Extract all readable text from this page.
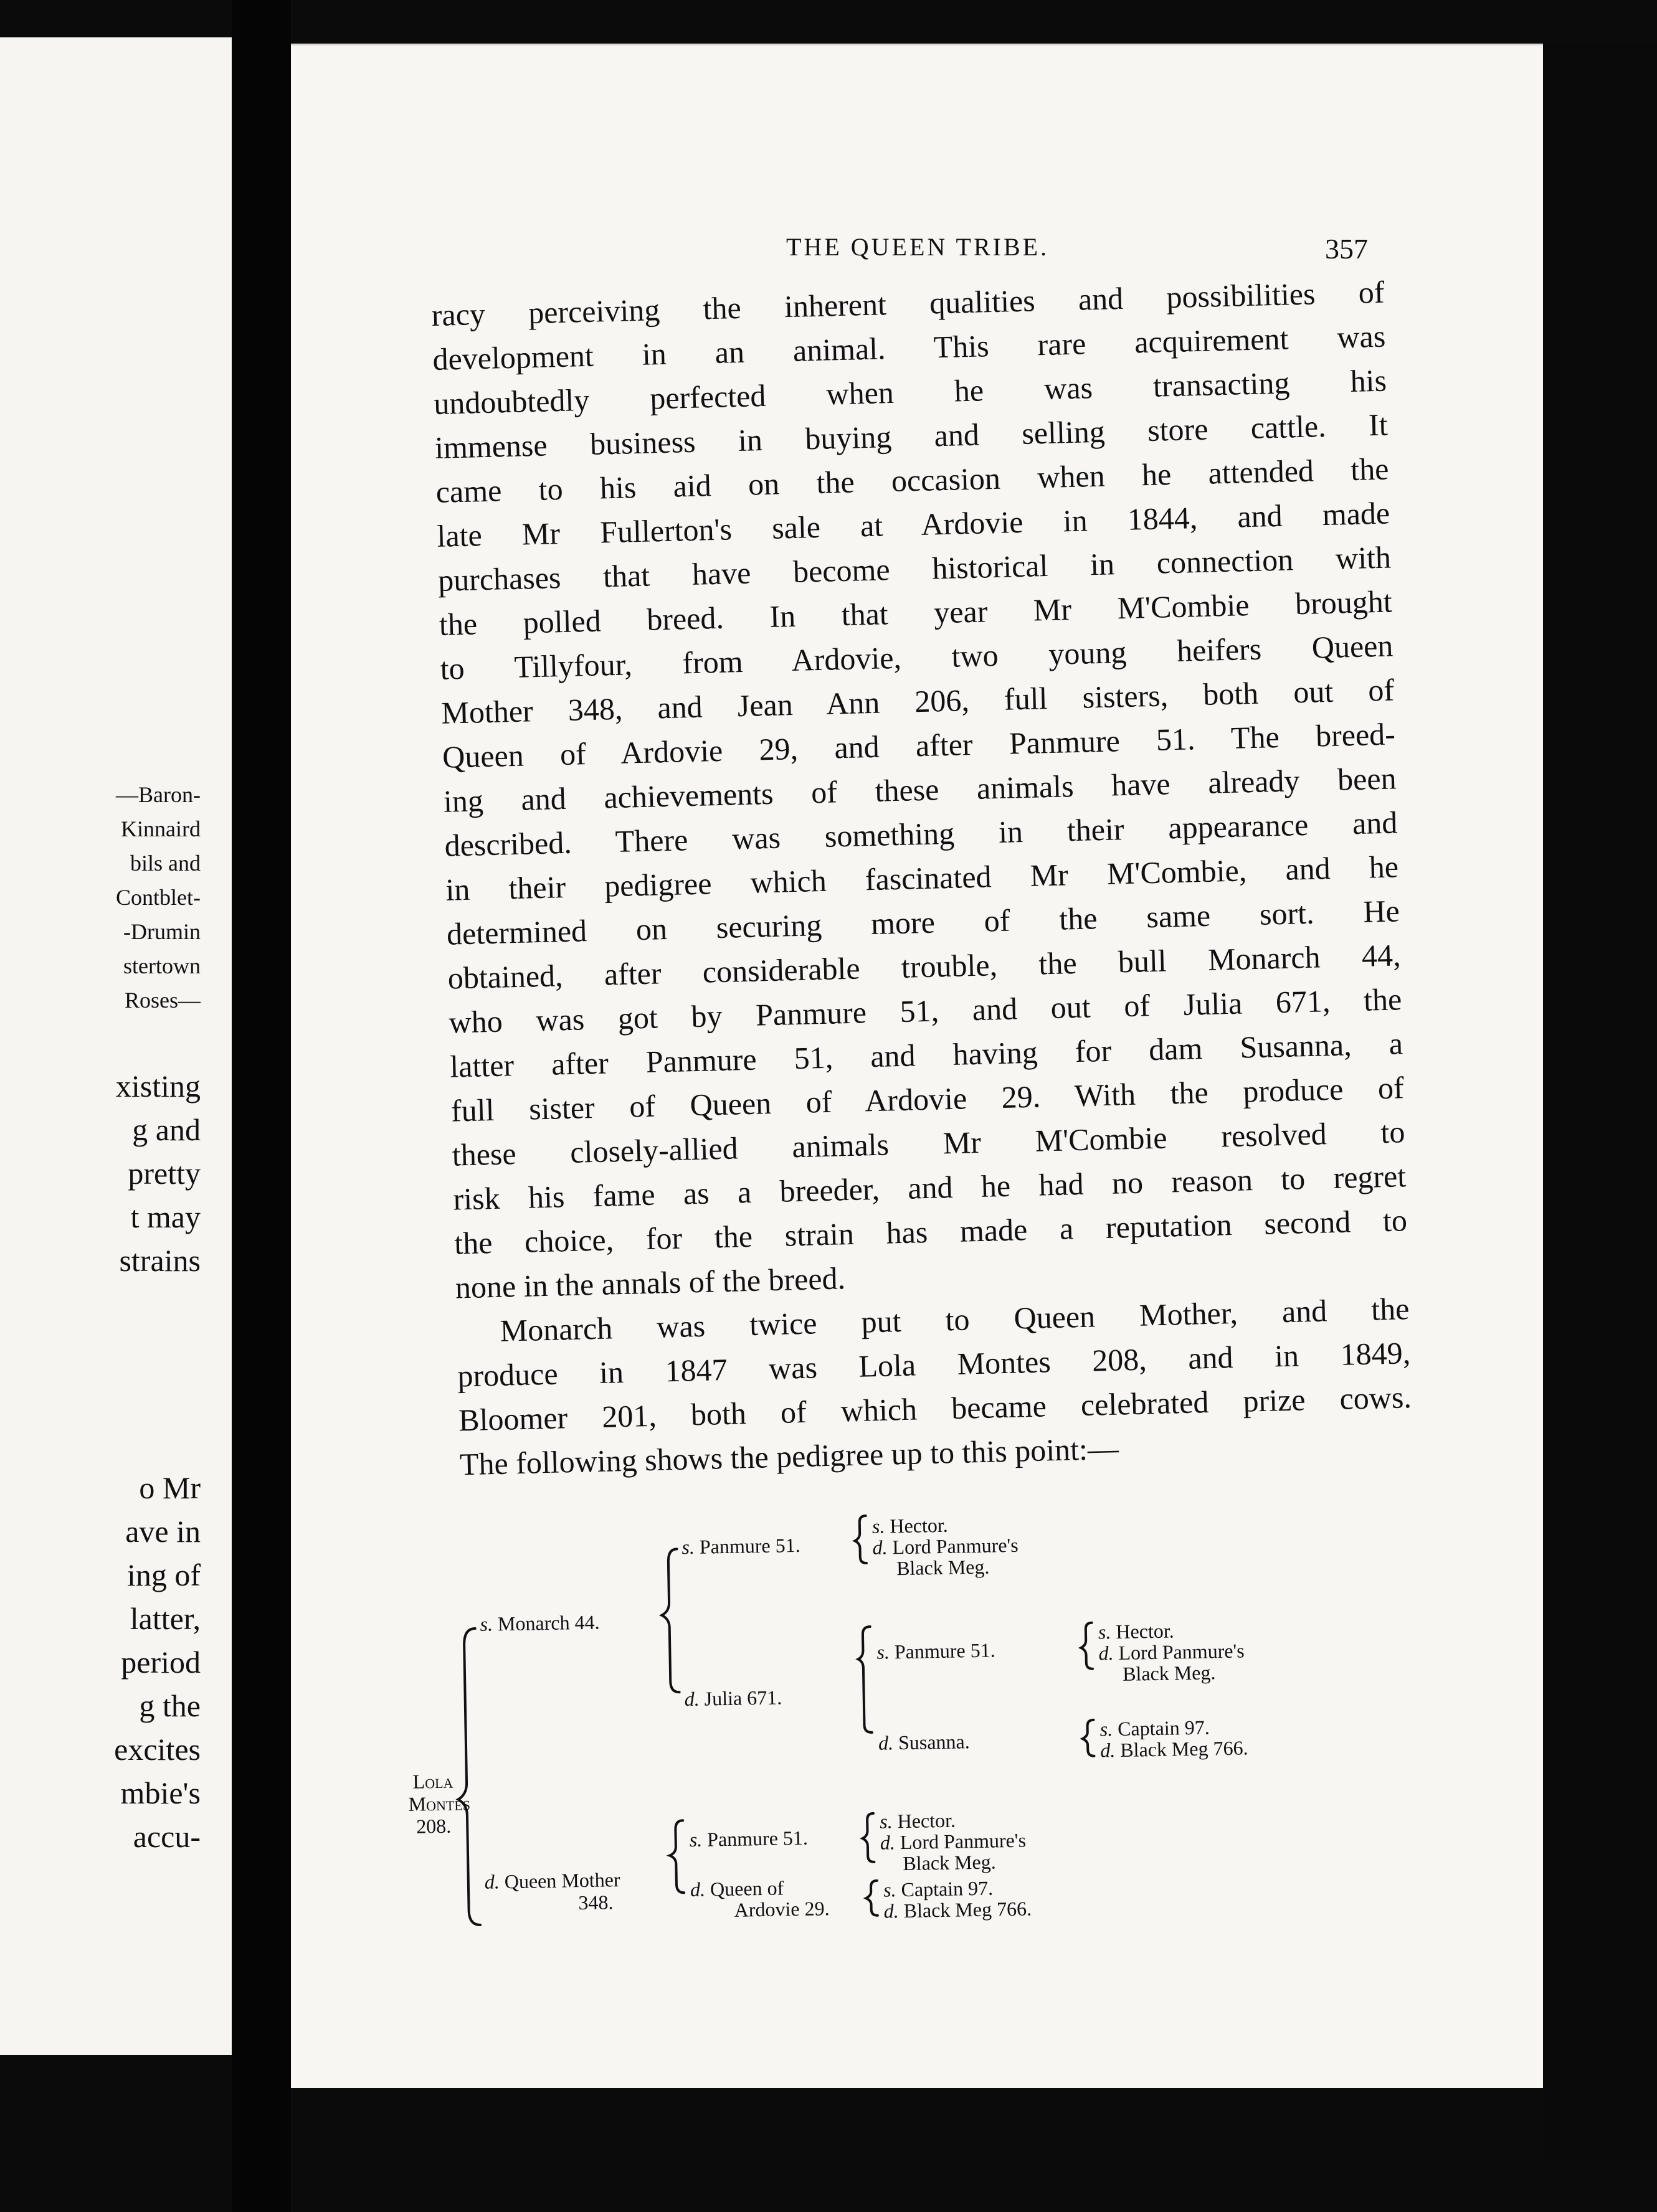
—Baron-
Kinnaird
bils and
Contblet-
-Drumin
stertown
Roses—
xisting
g and
pretty
t may
strains
o Mr
ave in
ing of
latter,
period
g the
excites
mbie's
accu-
THE QUEEN TRIBE.	357
racy perceiving the inherent qualities and possibilities of
development in an animal. This rare acquirement was
undoubtedly perfected when he was transacting his
immense business in buying and selling store cattle. It
came to his aid on the occasion when he attended the
late Mr Fullerton's sale at Ardovie in 1844, and made
purchases that have become historical in connection with
the polled breed. In that year Mr M'Combie brought
to Tillyfour, from Ardovie, two young heifers Queen
Mother 348, and Jean Ann 206, full sisters, both out of
Queen of Ardovie 29, and after Panmure 51. The breed-
ing and achievements of these animals have already been
described. There was something in their appearance and
in their pedigree which fascinated Mr M'Combie, and he
determined on securing more of the same sort. He
obtained, after considerable trouble, the bull Monarch 44,
who was got by Panmure 51, and out of Julia 671, the
latter after Panmure 51, and having for dam Susanna, a
full sister of Queen of Ardovie 29. With the produce of
these closely-allied animals Mr M'Combie resolved to
risk his fame as a breeder, and he had no reason to regret
the choice, for the strain has made a reputation second to
none in the annals of the breed.
Monarch was twice put to Queen Mother, and the
produce in 1847 was Lola Montes 208, and in 1849,
Bloomer 201, both of which became celebrated prize cows.
The following shows the pedigree up to this point:—
Lola
Montes
208.
s. Monarch 44.
d. Queen Mother
348.
s. Panmure 51.
s. Hector.
d. Lord Panmure's
Black Meg.
d. Julia 671.
s. Panmure 51.
s. Hector.
d. Lord Panmure's
Black Meg.
d. Susanna.
s. Captain 97.
d. Black Meg 766.
s. Panmure 51.
s. Hector.
d. Lord Panmure's
Black Meg.
d. Queen of
Ardovie 29.
s. Captain 97.
d. Black Meg 766.
